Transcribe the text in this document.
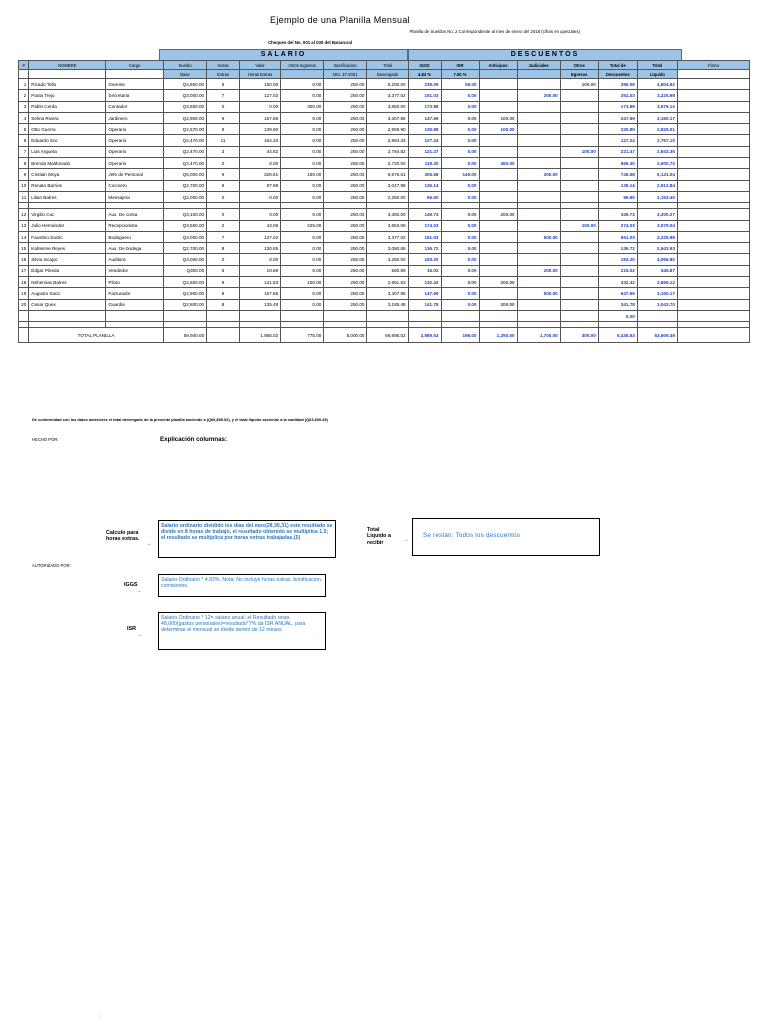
Ejemplo de una Planilla Mensual
Planilla de Sueldos No. 2 Correspondiente al mes de enero del 2018 (cifras en quetzales)
Cheques del No. 001 al 030 del Banarural
SALARIO	DESCUENTOS
#	NOMBRE	Cargo	Sueldo	Horas	Valor	Otros Ingresos	Bonificacion	Total	IGSS	ISR	Anticipos	Judiciales	Otros	Total de	Total	Firma
			Base	Extras	Horas Extras		Dto. 37-2001	Devengado	4.83 %	7.00 %			Egresos	Descuentos	Liquido	
1	Ricado Tello	Gerente	Q4,800.00	5	150.00	0.00	250.00	5,200.00	239.09	56.00			100.00	395.09	4,804.92	
2	Paola Trejo	Secretaria	Q3,000.00	7	127.02	0.00	250.00	3,377.02	151.03	0.00		200.00		351.03	3,225.98	
3	Pablo Cerda	Contador	Q3,600.00	0	0.00	300.00	250.00	3,850.00	173.88	0.00				173.88	3,676.12	
4	Selina Rivera	Jardinero	Q2,900.00	9	157.86	0.00	250.00	3,307.86	147.69	0.00	100.00			247.69	3,160.17	
5	Otto Guerra	Operario	Q2,570.00	9	139.90	0.00	250.00	2,959.90	130.89	0.00	100.00			230.89	2,829.01	
6	Eduardo Soc	Operario	Q2,470.00	11	164.33	0.00	250.00	2,884.33	127.24	0.00				127.24	2,757.10	
7	Luis Argueta	Operario	Q2,470.00	3	44.82	0.00	250.00	2,764.82	121.47	0.00			100.00	221.47	2,643.35	
8	Brenda Maldonado	Operario	Q2,470.00	0	0.00	0.00	250.00	2,720.00	119.30	0.00	450.00			569.30	2,600.70	
9	Cristian Moya	Jefe de Personal	Q6,000.00	9	326.61	150.00	250.00	6,576.61	305.58	140.00		300.00		745.58	6,131.04	
10	Renato Barrios	Cocinero	Q2,700.00	6	97.98	0.00	250.00	3,047.98	135.14	0.00				135.14	2,912.84	
11	Lilian Batres	Mensajera	Q2,000.00	0	0.00	0.00	250.00	2,250.00	96.60	0.00				96.60	2,153.40	

12	Virgilio Cuc	Aux. De conta	Q3,100.00	0	0.00	0.00	250.00	3,350.00	149.73	0.00	200.00			349.73	3,200.27	
13	Julio Hernández	Recepcionista	Q3,560.00	2	43.06	225.00	250.00	3,853.06	174.03	0.00			100.00	274.03	3,579.04	
14	Faustino Sactic	Bodeguero	Q3,000.00	7	127.02	0.00	250.00	3,377.02	151.03	0.00		500.00		651.03	3,225.98	
15	Kahlerine Reyes	Aux. De bodega	Q2,700.00	8	130.65	0.00	250.00	3,080.65	136.72	0.00				136.72	2,943.93	
16	Silvia Ixcajoc	Auditora	Q4,000.00	0	0.00	0.00	250.00	4,250.00	193.20	0.00				193.20	4,056.80	
17	Edgar Pineda	Vendedor	Q300.00	6	10.89	0.00	250.00	560.89	15.02	0.00		200.00		215.02	545.87	
18	Nehemias Batres	Piloto	Q2,600.00	9	141.53	100.00	250.00	2,991.53	132.42	0.00	200.00			332.42	2,859.12	
19	Augusto Sacic	Facturador	Q2,900.00	9	157.86	0.00	250.00	3,307.86	147.69	0.00		500.00		647.69	3,160.17	
20	Cesar Quex	Guardia	Q2,800.00	8	135.48	0.00	250.00	3,185.48	141.78	0.00	200.00			341.78	3,043.70	
														0.00		

	TOTAL PLANILLA		59,940.00		1,955.02	775.00	5,000.00	66,895.02	2,989.53	196.00	1,250.00	1,700.00	300.00	6,435.53	63,609.49	
De conformidad con los datos anteriores el total devengado de la presente planilla asciende a (Q66,895.02), y el total liquido asciende a la cantidad (Q63,609.49)
HECHO POR:	Explicación columnas:
Calculo para horas extras.
→
Salario ordinario dividido los dias del mes(28,30,31) este resultado se divide en 8 horas de trabajo, el resultado obtenido se multiplica 1.5; el resultado se multiplica por horas extras trabajadas.(5)
Total Liquido a recibir	→
Se restan: Todos los descuentos
AUTORIZADO POR:
IGGS
→
Salario Ordinario * 4.83%. Nota: No incluye horas extras, bonificacion, comisiones.
ISR
→
Salario Ordinario * 12= salario anual, el Resultado resta 48,000(gastos personales)=resultado*7% da ISR ANUAL, para determinar el mensual se divide dentro de 12 meses.
´
